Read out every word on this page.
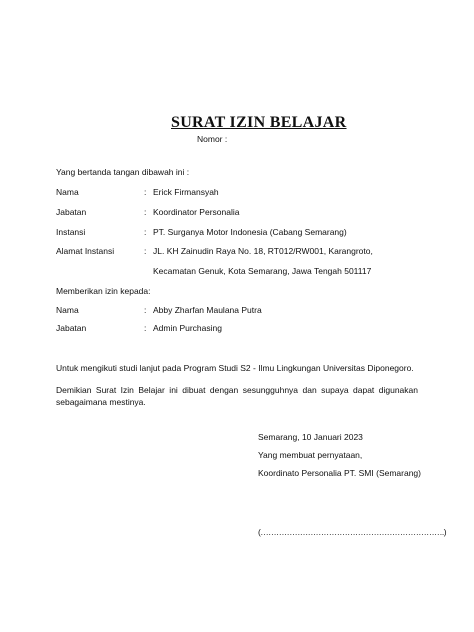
SURAT IZIN BELAJAR
Nomor :
Yang bertanda tangan dibawah ini :
Nama	: Erick Firmansyah
Jabatan	: Koordinator Personalia
Instansi	: PT. Surganya Motor Indonesia (Cabang Semarang)
Alamat Instansi	: JL. KH Zainudin Raya No. 18, RT012/RW001, Karangroto,
Kecamatan Genuk, Kota Semarang, Jawa Tengah 501117
Memberikan izin kepada:
Nama	: Abby Zharfan Maulana Putra
Jabatan	: Admin Purchasing
Untuk mengikuti studi lanjut pada Program Studi S2 - Ilmu Lingkungan Universitas Diponegoro.
Demikian Surat Izin Belajar ini dibuat dengan sesungguhnya dan supaya dapat digunakan sebagaimana mestinya.
Semarang, 10 Januari 2023
Yang membuat pernyataan,
Koordinato Personalia PT. SMI (Semarang)
(…………………………………………………………….)
